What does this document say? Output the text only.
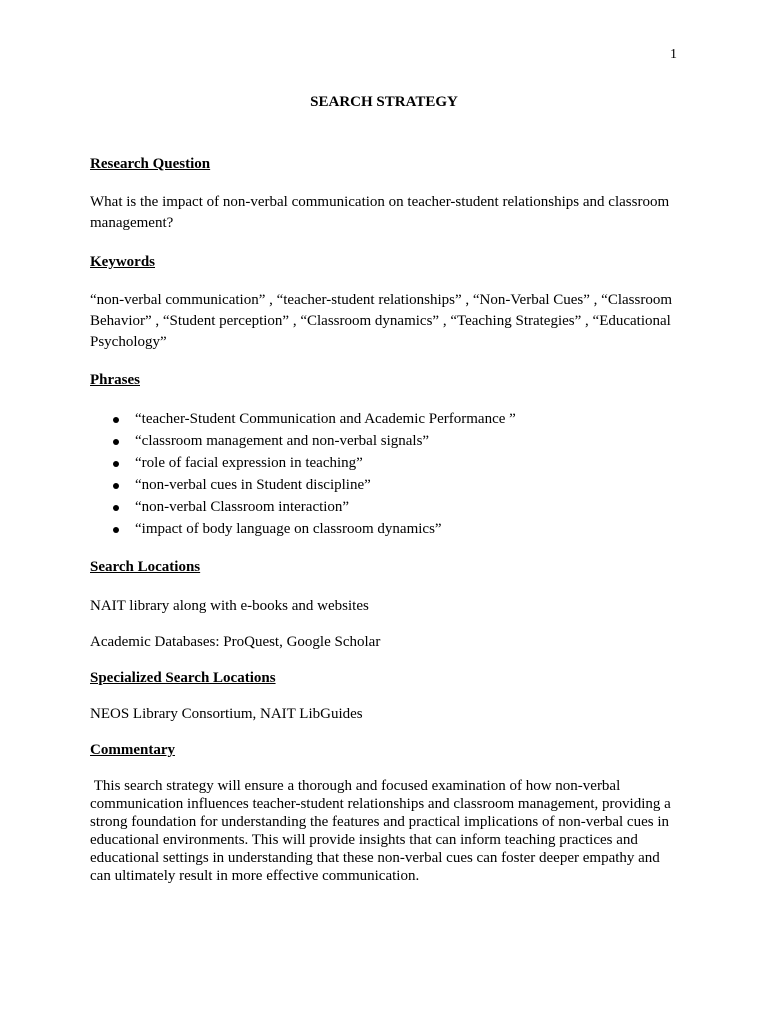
1
SEARCH STRATEGY
Research Question
What is the impact of non-verbal communication on teacher-student relationships and classroom management?
Keywords
“non-verbal communication” , “teacher-student relationships” , “Non-Verbal Cues” , “Classroom Behavior” , “Student perception” , “Classroom dynamics” , “Teaching Strategies” , “Educational Psychology”
Phrases
“teacher-Student Communication and Academic Performance ”
“classroom management and non-verbal signals”
“role of facial expression in teaching”
“non-verbal cues in Student discipline”
“non-verbal Classroom interaction”
“impact of body language on classroom dynamics”
Search Locations
NAIT library along with e-books and websites
Academic Databases: ProQuest, Google Scholar
Specialized Search Locations
NEOS Library Consortium, NAIT LibGuides
Commentary
This search strategy will ensure a thorough and focused examination of how non-verbal communication influences teacher-student relationships and classroom management, providing a strong foundation for understanding the features and practical implications of non-verbal cues in educational environments. This will provide insights that can inform teaching practices and educational settings in understanding that these non-verbal cues can foster deeper empathy and can ultimately result in more effective communication.
